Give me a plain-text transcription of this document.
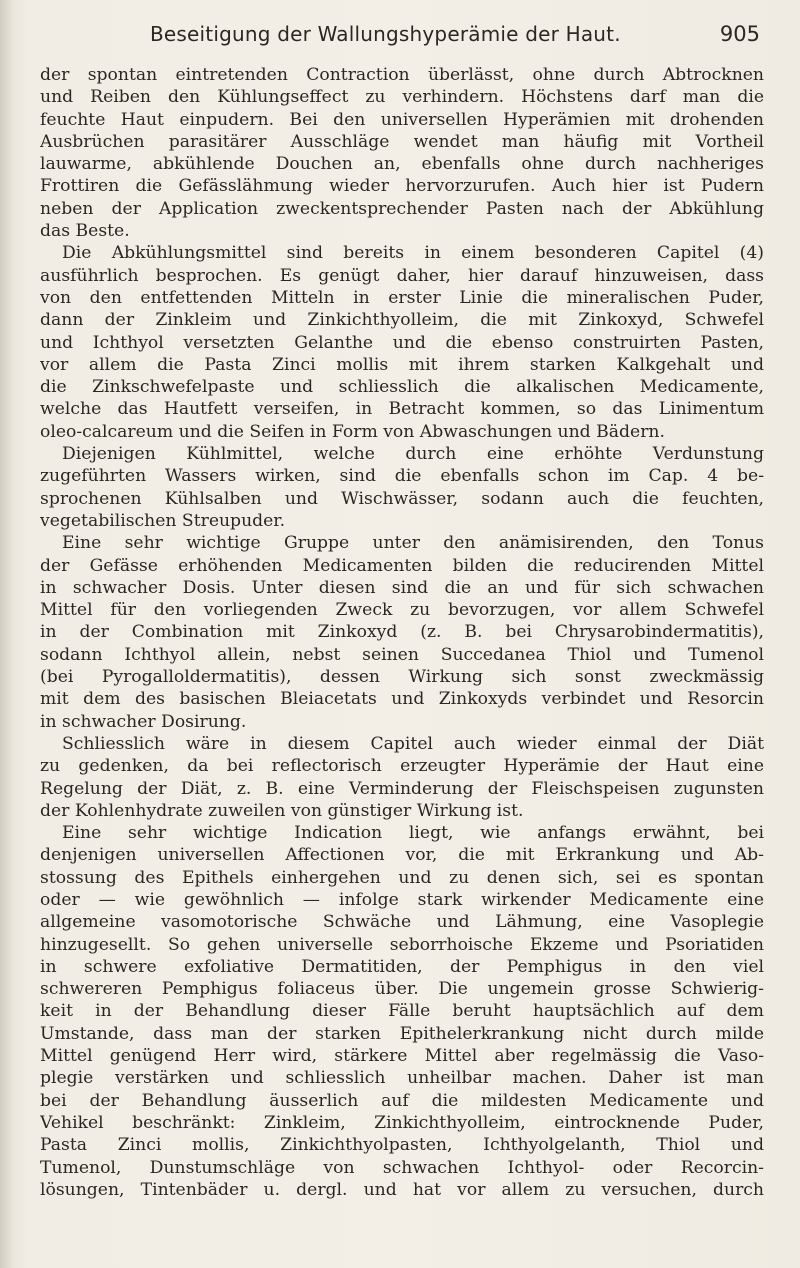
Beseitigung der Wallungshyperämie der Haut.	905
der spontan eintretenden Contraction überlässt, ohne durch Abtrocknen
und Reiben den Kühlungseffect zu verhindern. Höchstens darf man die
feuchte Haut einpudern. Bei den universellen Hyperämien mit drohenden
Ausbrüchen parasitärer Ausschläge wendet man häufig mit Vortheil
lauwarme, abkühlende Douchen an, ebenfalls ohne durch nachheriges
Frottiren die Gefässlähmung wieder hervorzurufen. Auch hier ist Pudern
neben der Application zweckentsprechender Pasten nach der Abkühlung
das Beste.
Die Abkühlungsmittel sind bereits in einem besonderen Capitel (4)
ausführlich besprochen. Es genügt daher, hier darauf hinzuweisen, dass
von den entfettenden Mitteln in erster Linie die mineralischen Puder,
dann der Zinkleim und Zinkichthyolleim, die mit Zinkoxyd, Schwefel
und Ichthyol versetzten Gelanthe und die ebenso construirten Pasten,
vor allem die Pasta Zinci mollis mit ihrem starken Kalkgehalt und
die Zinkschwefelpaste und schliesslich die alkalischen Medicamente,
welche das Hautfett verseifen, in Betracht kommen, so das Linimentum
oleo-calcareum und die Seifen in Form von Abwaschungen und Bädern.
Diejenigen Kühlmittel, welche durch eine erhöhte Verdunstung
zugeführten Wassers wirken, sind die ebenfalls schon im Cap. 4 be-
sprochenen Kühlsalben und Wischwässer, sodann auch die feuchten,
vegetabilischen Streupuder.
Eine sehr wichtige Gruppe unter den anämisirenden, den Tonus
der Gefässe erhöhenden Medicamenten bilden die reducirenden Mittel
in schwacher Dosis. Unter diesen sind die an und für sich schwachen
Mittel für den vorliegenden Zweck zu bevorzugen, vor allem Schwefel
in der Combination mit Zinkoxyd (z. B. bei Chrysarobindermatitis),
sodann Ichthyol allein, nebst seinen Succedanea Thiol und Tumenol
(bei Pyrogalloldermatitis), dessen Wirkung sich sonst zweckmässig
mit dem des basischen Bleiacetats und Zinkoxyds verbindet und Resorcin
in schwacher Dosirung.
Schliesslich wäre in diesem Capitel auch wieder einmal der Diät
zu gedenken, da bei reflectorisch erzeugter Hyperämie der Haut eine
Regelung der Diät, z. B. eine Verminderung der Fleischspeisen zugunsten
der Kohlenhydrate zuweilen von günstiger Wirkung ist.
Eine sehr wichtige Indication liegt, wie anfangs erwähnt, bei
denjenigen universellen Affectionen vor, die mit Erkrankung und Ab-
stossung des Epithels einhergehen und zu denen sich, sei es spontan
oder — wie gewöhnlich — infolge stark wirkender Medicamente eine
allgemeine vasomotorische Schwäche und Lähmung, eine Vasoplegie
hinzugesellt. So gehen universelle seborrhoische Ekzeme und Psoriatiden
in schwere exfoliative Dermatitiden, der Pemphigus in den viel
schwereren Pemphigus foliaceus über. Die ungemein grosse Schwierig-
keit in der Behandlung dieser Fälle beruht hauptsächlich auf dem
Umstande, dass man der starken Epithelerkrankung nicht durch milde
Mittel genügend Herr wird, stärkere Mittel aber regelmässig die Vaso-
plegie verstärken und schliesslich unheilbar machen. Daher ist man
bei der Behandlung äusserlich auf die mildesten Medicamente und
Vehikel beschränkt: Zinkleim, Zinkichthyolleim, eintrocknende Puder,
Pasta Zinci mollis, Zinkichthyolpasten, Ichthyolgelanth, Thiol und
Tumenol, Dunstumschläge von schwachen Ichthyol- oder Recorcin-
lösungen, Tintenbäder u. dergl. und hat vor allem zu versuchen, durch
